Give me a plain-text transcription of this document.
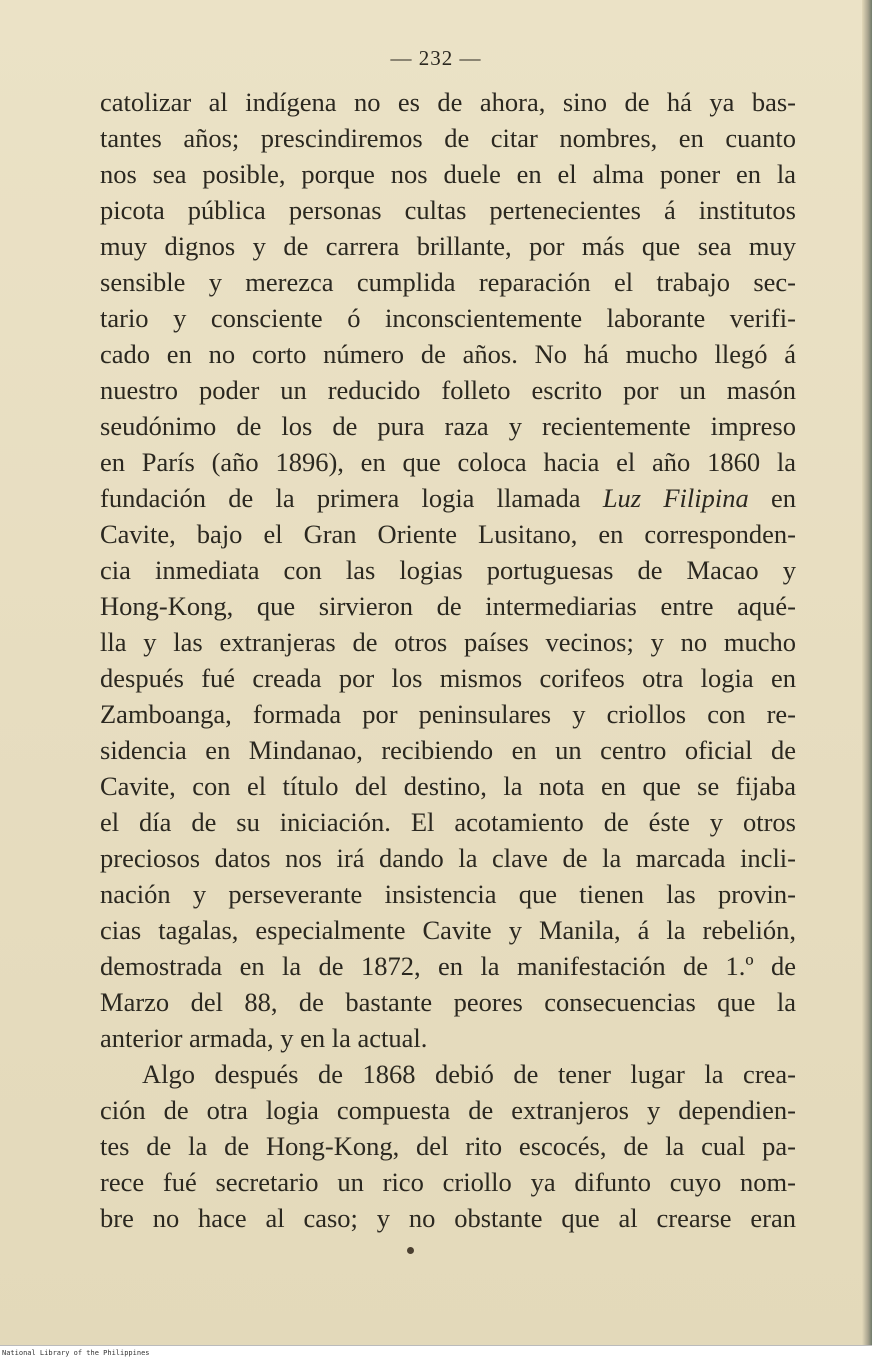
— 232 —
catolizar al indígena no es de ahora, sino de há ya bas-
tantes años; prescindiremos de citar nombres, en cuanto
nos sea posible, porque nos duele en el alma poner en la
picota pública personas cultas pertenecientes á institutos
muy dignos y de carrera brillante, por más que sea muy
sensible y merezca cumplida reparación el trabajo sec-
tario y consciente ó inconscientemente laborante verifi-
cado en no corto número de años. No há mucho llegó á
nuestro poder un reducido folleto escrito por un masón
seudónimo de los de pura raza y recientemente impreso
en París (año 1896), en que coloca hacia el año 1860 la
fundación de la primera logia llamada Luz Filipina en
Cavite, bajo el Gran Oriente Lusitano, en corresponden-
cia inmediata con las logias portuguesas de Macao y
Hong-Kong, que sirvieron de intermediarias entre aqué-
lla y las extranjeras de otros países vecinos; y no mucho
después fué creada por los mismos corifeos otra logia en
Zamboanga, formada por peninsulares y criollos con re-
sidencia en Mindanao, recibiendo en un centro oficial de
Cavite, con el título del destino, la nota en que se fijaba
el día de su iniciación. El acotamiento de éste y otros
preciosos datos nos irá dando la clave de la marcada incli-
nación y perseverante insistencia que tienen las provin-
cias tagalas, especialmente Cavite y Manila, á la rebelión,
demostrada en la de 1872, en la manifestación de 1.º de
Marzo del 88, de bastante peores consecuencias que la
anterior armada, y en la actual.
Algo después de 1868 debió de tener lugar la crea-
ción de otra logia compuesta de extranjeros y dependien-
tes de la de Hong-Kong, del rito escocés, de la cual pa-
rece fué secretario un rico criollo ya difunto cuyo nom-
bre no hace al caso; y no obstante que al crearse eran
National Library of the Philippines
